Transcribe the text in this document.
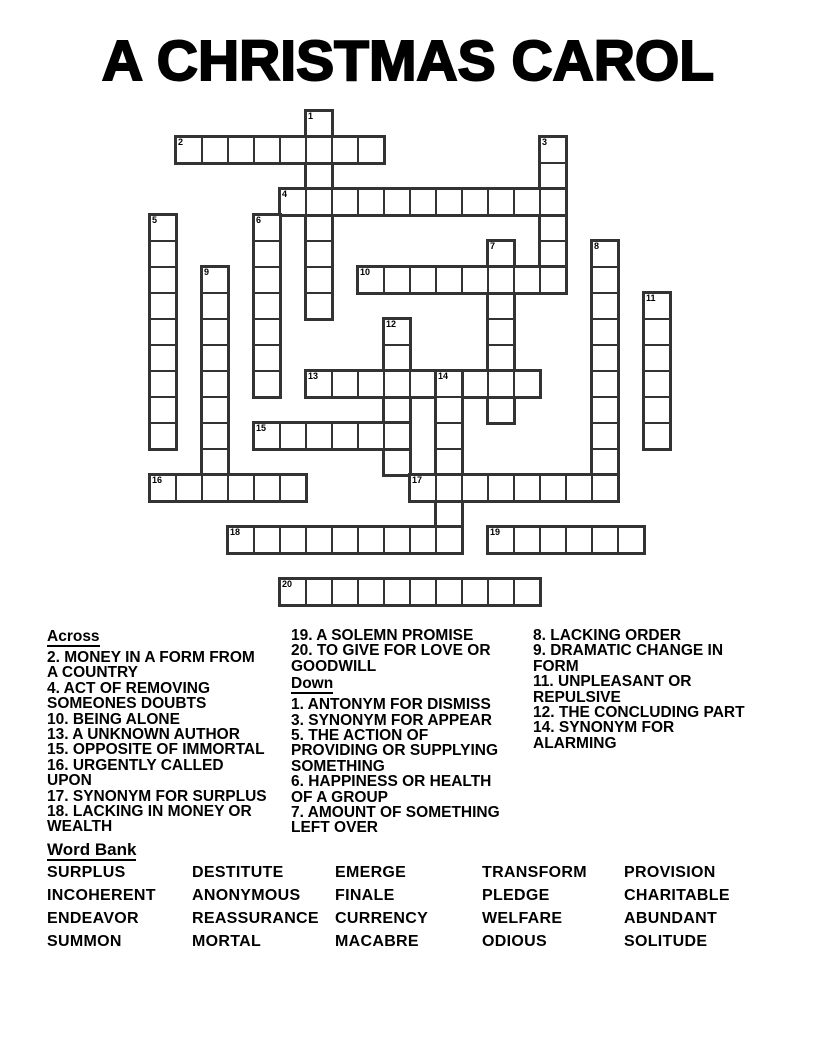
A CHRISTMAS CAROL
1
2	3
4
5	6
7	8
9	10
11
12
13	14
15
16	17
18	19
20
Across
2. MONEY IN A FORM FROM A COUNTRY
4. ACT OF REMOVING SOMEONES DOUBTS
10. BEING ALONE
13. A UNKNOWN AUTHOR
15. OPPOSITE OF IMMORTAL
16. URGENTLY CALLED UPON
17. SYNONYM FOR SURPLUS
18. LACKING IN MONEY OR WEALTH
19. A SOLEMN PROMISE
20. TO GIVE FOR LOVE OR GOODWILL
Down
1. ANTONYM FOR DISMISS
3. SYNONYM FOR APPEAR
5. THE ACTION OF PROVIDING OR SUPPLYING SOMETHING
6. HAPPINESS OR HEALTH OF A GROUP
7. AMOUNT OF SOMETHING LEFT OVER
8. LACKING ORDER
9. DRAMATIC CHANGE IN FORM
11. UNPLEASANT OR REPULSIVE
12. THE CONCLUDING PART
14. SYNONYM FOR ALARMING
Word Bank
SURPLUS	DESTITUTE	EMERGE	TRANSFORM	PROVISION
INCOHERENT	ANONYMOUS	FINALE	PLEDGE	CHARITABLE
ENDEAVOR	REASSURANCE	CURRENCY	WELFARE	ABUNDANT
SUMMON	MORTAL	MACABRE	ODIOUS	SOLITUDE
